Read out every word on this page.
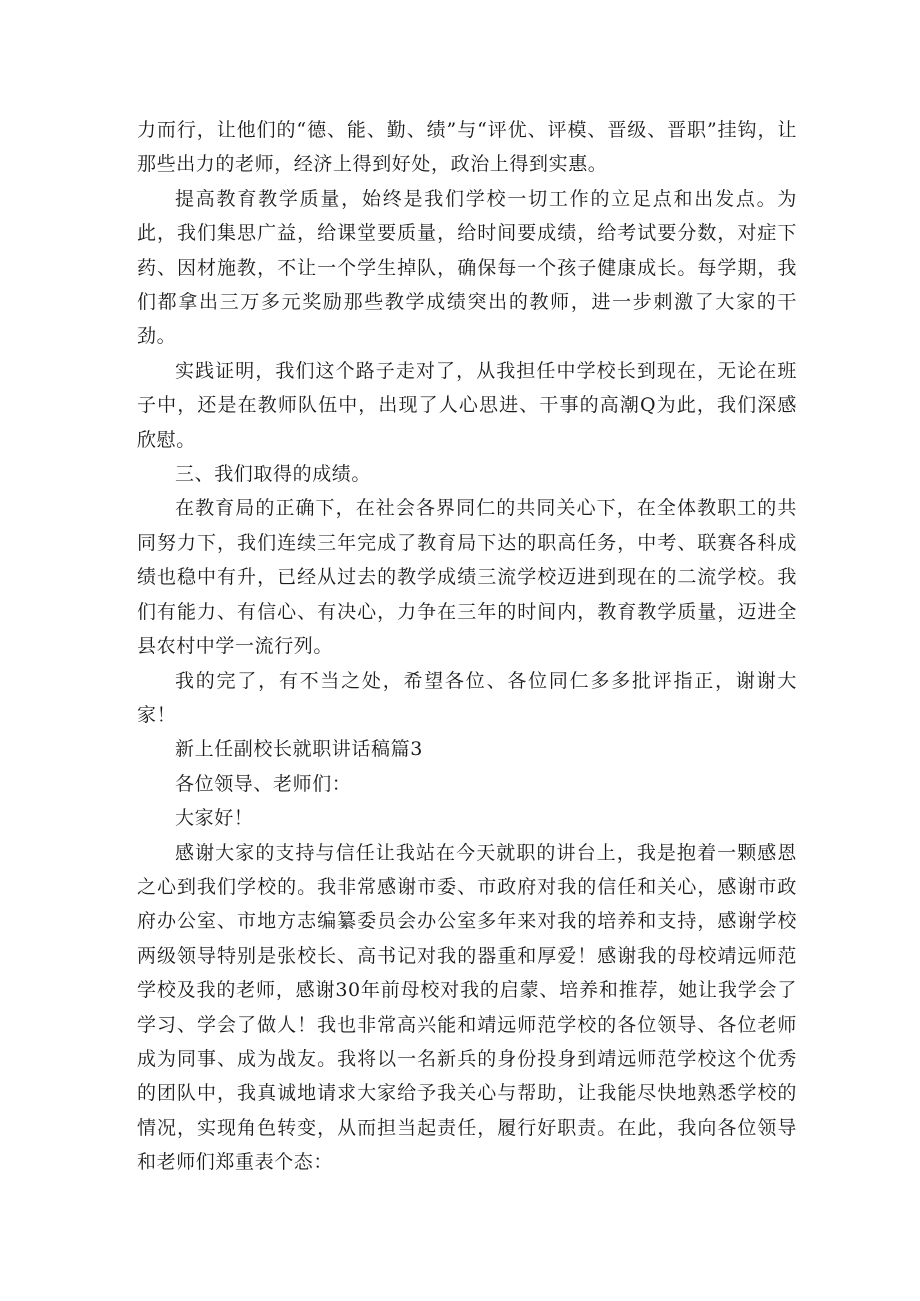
力而行，让他们的“德、能、勤、绩”与“评优、评模、晋级、晋职”挂钩，让那些出力的老师，经济上得到好处，政治上得到实惠。

提高教育教学质量，始终是我们学校一切工作的立足点和出发点。为此，我们集思广益，给课堂要质量，给时间要成绩，给考试要分数，对症下药、因材施教，不让一个学生掉队，确保每一个孩子健康成长。每学期，我们都拿出三万多元奖励那些教学成绩突出的教师，进一步刺激了大家的干劲。

实践证明，我们这个路子走对了，从我担任中学校长到现在，无论在班子中，还是在教师队伍中，出现了人心思进、干事的高潮Q为此，我们深感欣慰。

三、我们取得的成绩。

在教育局的正确下，在社会各界同仁的共同关心下，在全体教职工的共同努力下，我们连续三年完成了教育局下达的职高任务，中考、联赛各科成绩也稳中有升，已经从过去的教学成绩三流学校迈进到现在的二流学校。我们有能力、有信心、有决心，力争在三年的时间内，教育教学质量，迈进全县农村中学一流行列。

我的完了，有不当之处，希望各位、各位同仁多多批评指正，谢谢大家！

新上任副校长就职讲话稿篇3

各位领导、老师们：

大家好！

感谢大家的支持与信任让我站在今天就职的讲台上，我是抱着一颗感恩之心到我们学校的。我非常感谢市委、市政府对我的信任和关心，感谢市政府办公室、市地方志编纂委员会办公室多年来对我的培养和支持，感谢学校两级领导特别是张校长、高书记对我的器重和厚爱！感谢我的母校靖远师范学校及我的老师，感谢30年前母校对我的启蒙、培养和推荐，她让我学会了学习、学会了做人！我也非常高兴能和靖远师范学校的各位领导、各位老师成为同事、成为战友。我将以一名新兵的身份投身到靖远师范学校这个优秀的团队中，我真诚地请求大家给予我关心与帮助，让我能尽快地熟悉学校的情况，实现角色转变，从而担当起责任，履行好职责。在此，我向各位领导和老师们郑重表个态：
